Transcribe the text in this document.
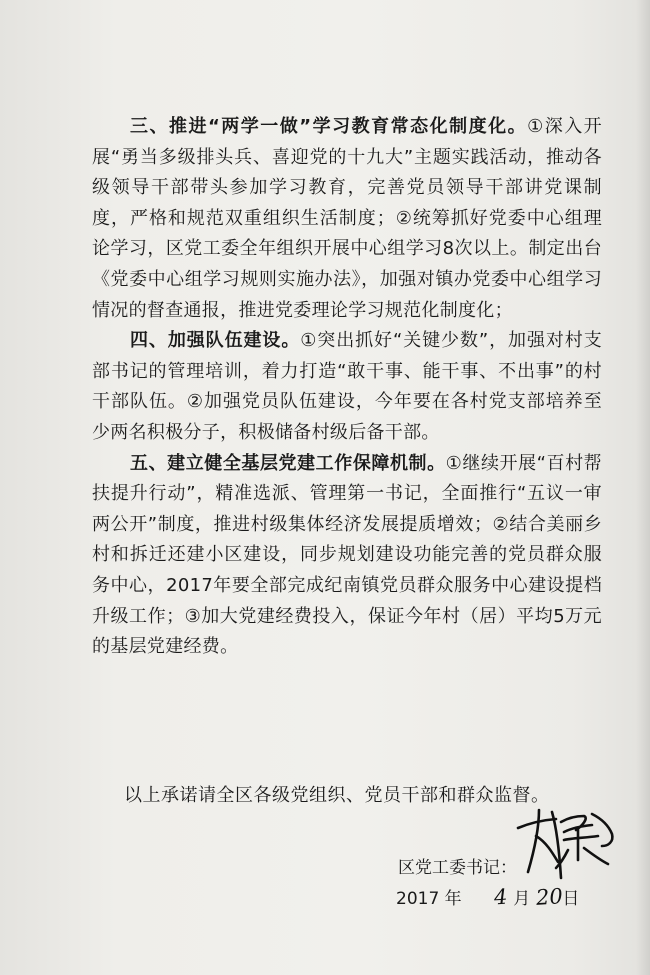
三、推进“两学一做”学习教育常态化制度化。①深入开展“勇当多级排头兵、喜迎党的十九大”主题实践活动，推动各级领导干部带头参加学习教育，完善党员领导干部讲党课制度，严格和规范双重组织生活制度；②统筹抓好党委中心组理论学习，区党工委全年组织开展中心组学习8次以上。制定出台《党委中心组学习规则实施办法》，加强对镇办党委中心组学习情况的督查通报，推进党委理论学习规范化制度化；

四、加强队伍建设。①突出抓好“关键少数”，加强对村支部书记的管理培训，着力打造“敢干事、能干事、不出事”的村干部队伍。②加强党员队伍建设，今年要在各村党支部培养至少两名积极分子，积极储备村级后备干部。

五、建立健全基层党建工作保障机制。①继续开展“百村帮扶提升行动”，精准选派、管理第一书记，全面推行“五议一审两公开”制度，推进村级集体经济发展提质增效；②结合美丽乡村和拆迁还建小区建设，同步规划建设功能完善的党员群众服务中心，2017年要全部完成纪南镇党员群众服务中心建设提档升级工作；③加大党建经费投入，保证今年村（居）平均5万元的基层党建经费。

以上承诺请全区各级党组织、党员干部和群众监督。
区党工委书记：
2017 年 4 月 20日
